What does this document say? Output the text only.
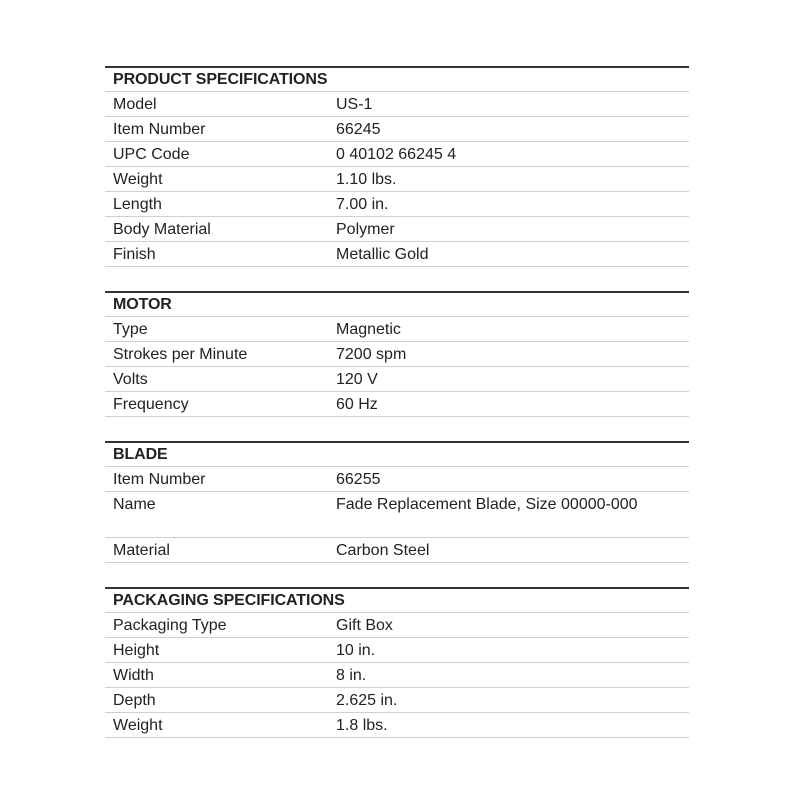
PRODUCT SPECIFICATIONS
Model	US-1
Item Number	66245
UPC Code	0 40102 66245 4
Weight	1.10 lbs.
Length	7.00 in.
Body Material	Polymer
Finish	Metallic Gold
MOTOR
Type	Magnetic
Strokes per Minute	7200 spm
Volts	120 V
Frequency	60 Hz
BLADE
Item Number	66255
Name	Fade Replacement Blade, Size 00000-000
Material	Carbon Steel
PACKAGING SPECIFICATIONS
Packaging Type	Gift Box
Height	10 in.
Width	8 in.
Depth	2.625 in.
Weight	1.8 lbs.
